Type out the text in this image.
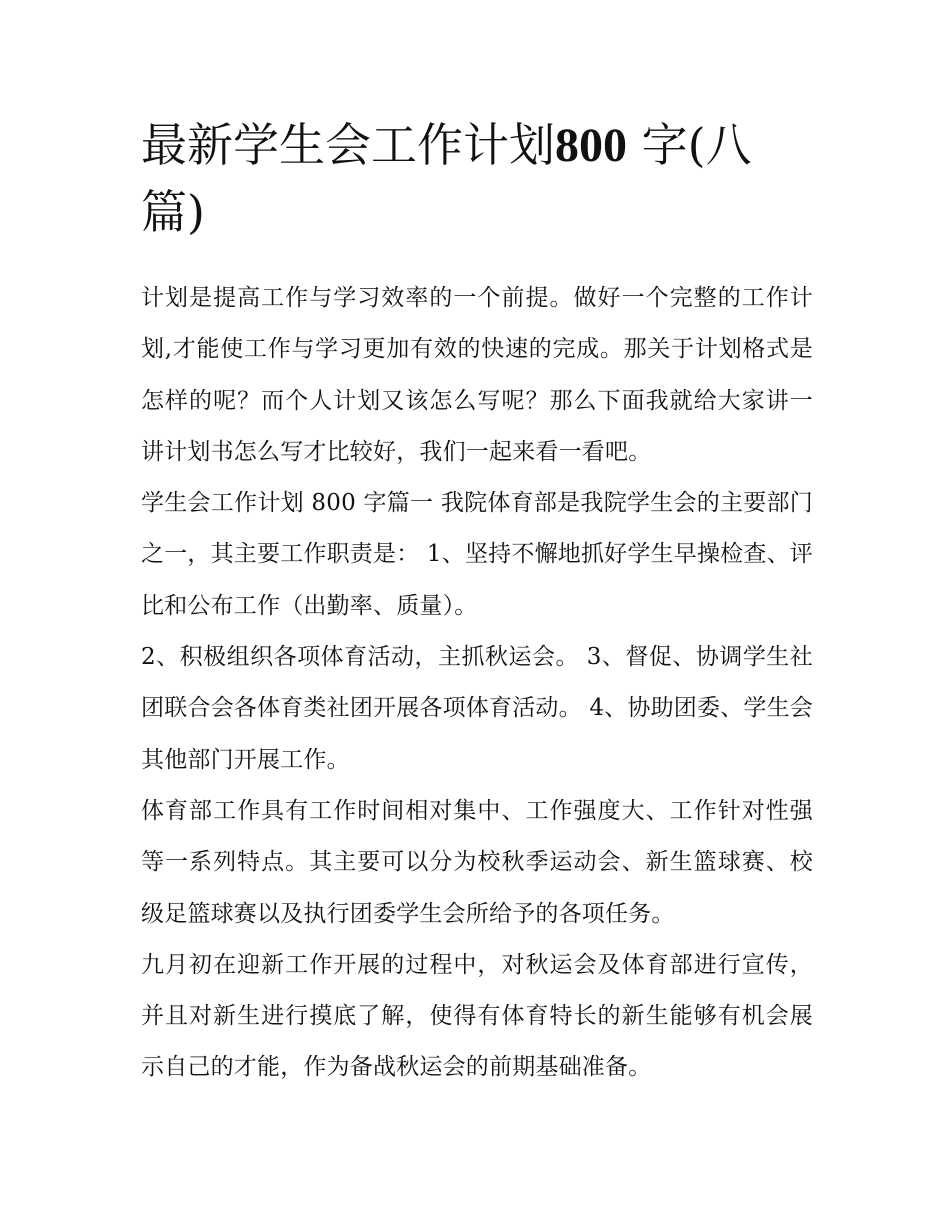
最新学生会工作计划800 字(八篇)

计划是提高工作与学习效率的一个前提。做好一个完整的工作计划,才能使工作与学习更加有效的快速的完成。那关于计划格式是怎样的呢？而个人计划又该怎么写呢？那么下面我就给大家讲一讲计划书怎么写才比较好，我们一起来看一看吧。

学生会工作计划 800 字篇一 我院体育部是我院学生会的主要部门之一，其主要工作职责是： 1、坚持不懈地抓好学生早操检查、评比和公布工作（出勤率、质量）。

2、积极组织各项体育活动，主抓秋运会。 3、督促、协调学生社团联合会各体育类社团开展各项体育活动。 4、协助团委、学生会其他部门开展工作。

体育部工作具有工作时间相对集中、工作强度大、工作针对性强等一系列特点。其主要可以分为校秋季运动会、新生篮球赛、校级足篮球赛以及执行团委学生会所给予的各项任务。

九月初在迎新工作开展的过程中，对秋运会及体育部进行宣传，并且对新生进行摸底了解，使得有体育特长的新生能够有机会展示自己的才能，作为备战秋运会的前期基础准备。
